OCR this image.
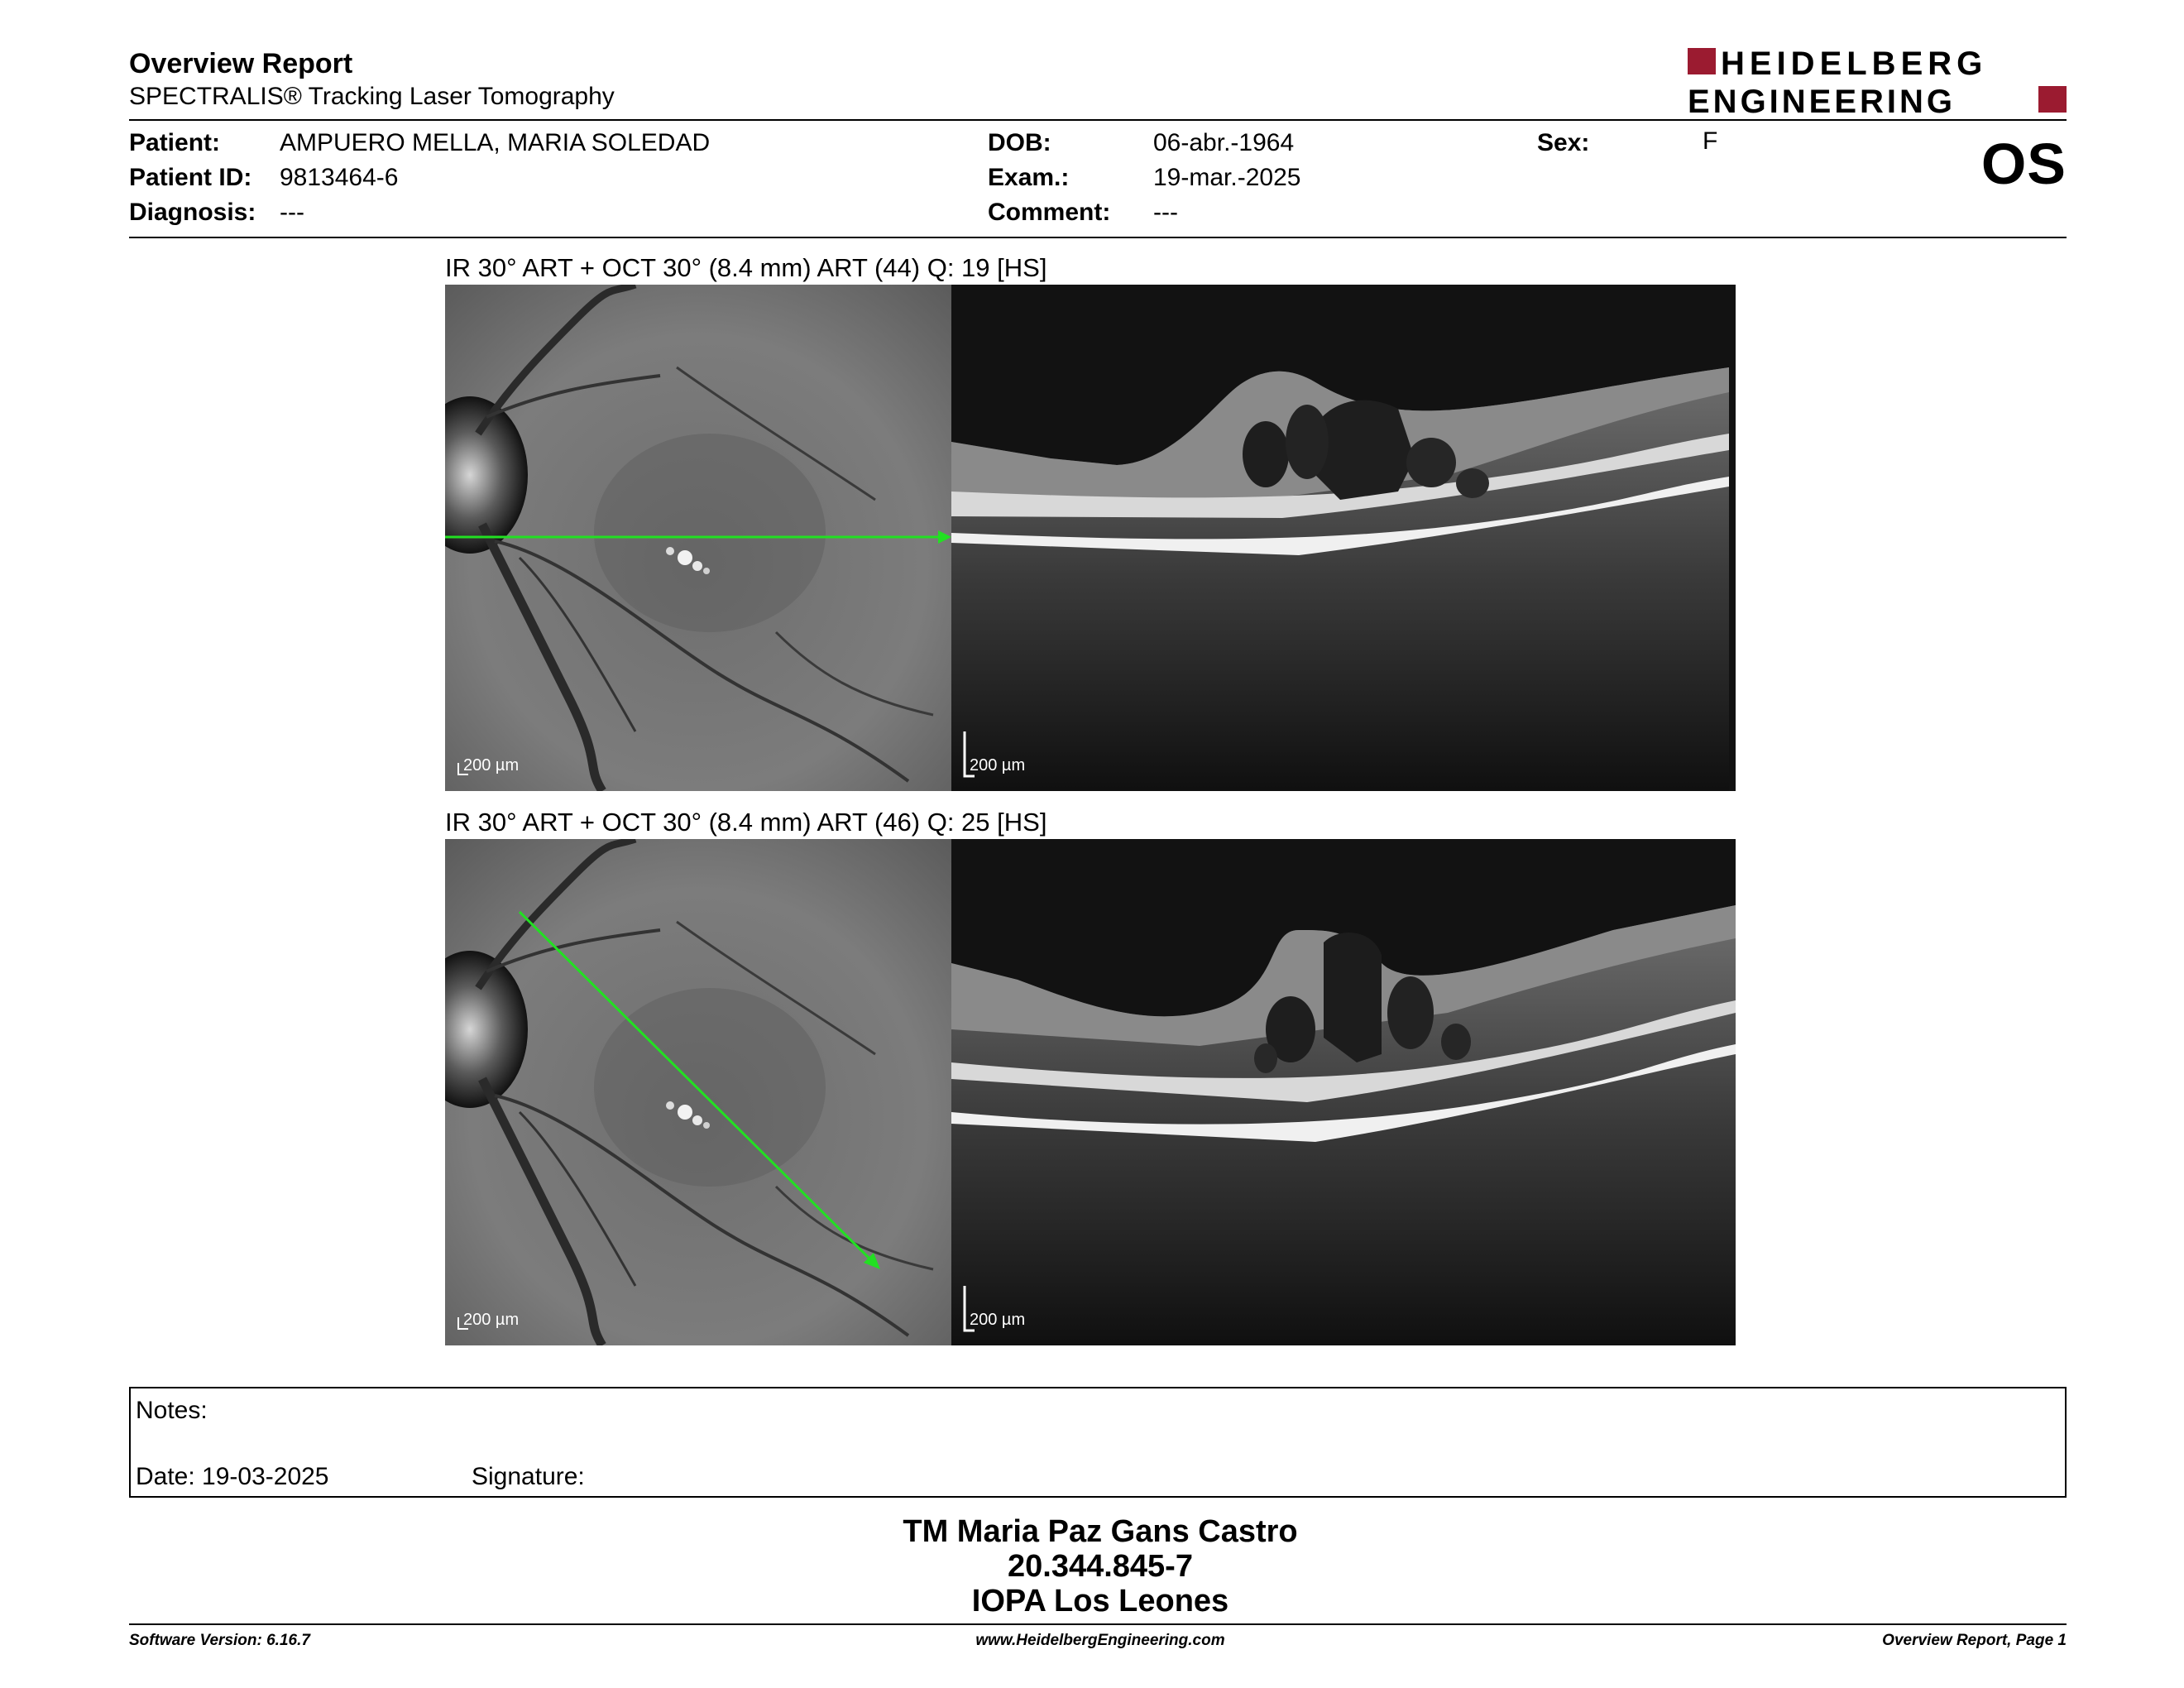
Overview Report
SPECTRALIS® Tracking Laser Tomography
HEIDELBERG
ENGINEERING
Patient: AMPUERO MELLA, MARIA SOLEDAD
Patient ID: 9813464-6
Diagnosis: ---
DOB:	06-abr.-1964
Exam.:	19-mar.-2025
Comment: ---
Sex:	F	OS
IR 30° ART + OCT 30° (8.4 mm) ART (44) Q: 19 [HS]
200 µm	200 µm
IR 30° ART + OCT 30° (8.4 mm) ART (46) Q: 25 [HS]
200 µm	200 µm
Notes:
Date: 19-03-2025	Signature:
TM Maria Paz Gans Castro
20.344.845-7
IOPA Los Leones
Software Version: 6.16.7	www.HeidelbergEngineering.com	Overview Report, Page 1
